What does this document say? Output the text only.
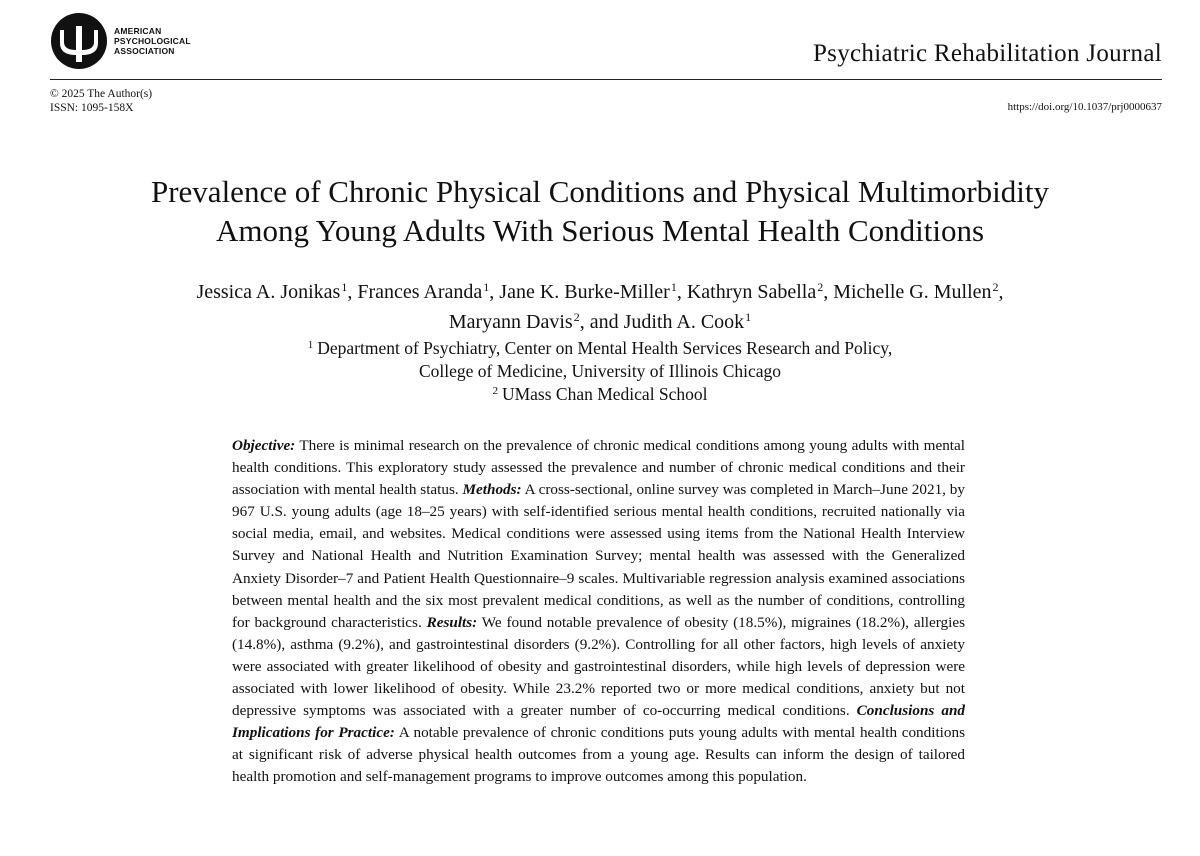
AMERICAN
PSYCHOLOGICAL
ASSOCIATION	Psychiatric Rehabilitation Journal
© 2025 The Author(s)
ISSN: 1095-158X	https://doi.org/10.1037/prj0000637
Prevalence of Chronic Physical Conditions and Physical Multimorbidity
Among Young Adults With Serious Mental Health Conditions
Jessica A. Jonikas$^1$, Frances Aranda$^1$, Jane K. Burke-Miller$^1$, Kathryn Sabella$^2$, Michelle G. Mullen$^2$,
Maryann Davis$^2$, and Judith A. Cook$^1$
$^1$ Department of Psychiatry, Center on Mental Health Services Research and Policy,
College of Medicine, University of Illinois Chicago
$^2$ UMass Chan Medical School
Objective: There is minimal research on the prevalence of chronic medical conditions among young adults with mental health conditions. This exploratory study assessed the prevalence and number of chronic medical conditions and their association with mental health status. Methods: A cross-sectional, online survey was completed in March–June 2021, by 967 U.S. young adults (age 18–25 years) with self-identified serious mental health conditions, recruited nationally via social media, email, and websites. Medical conditions were assessed using items from the National Health Interview Survey and National Health and Nutrition Examination Survey; mental health was assessed with the Generalized Anxiety Disorder–7 and Patient Health Questionnaire–9 scales. Multivariable regression analysis examined associations between mental health and the six most prevalent medical conditions, as well as the number of conditions, controlling for background characteristics. Results: We found notable prevalence of obesity (18.5%), migraines (18.2%), allergies (14.8%), asthma (9.2%), and gastrointestinal disorders (9.2%). Controlling for all other factors, high levels of anxiety were associated with greater likelihood of obesity and gastrointestinal disorders, while high levels of depression were associated with lower likelihood of obesity. While 23.2% reported two or more medical conditions, anxiety but not depressive symptoms was associated with a greater number of co-occurring medical conditions. Conclusions and Implications for Practice: A notable prevalence of chronic conditions puts young adults with mental health conditions at significant risk of adverse physical health outcomes from a young age. Results can inform the design of tailored health promotion and self-management programs to improve outcomes among this population.
